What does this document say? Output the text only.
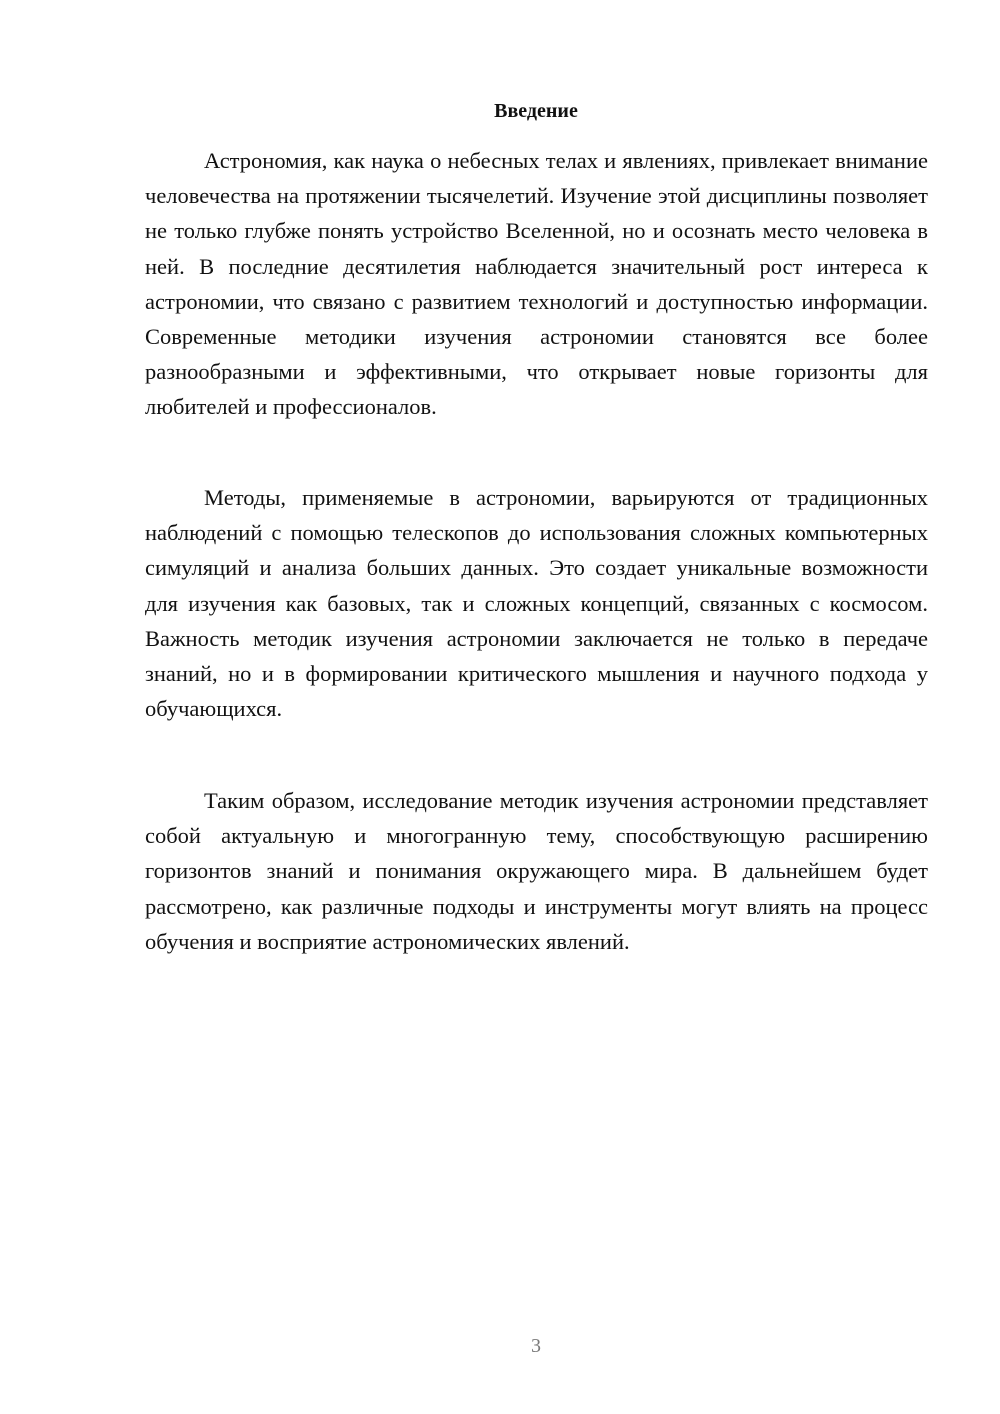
Введение

Астрономия, как наука о небесных телах и явлениях, привлекает внимание человечества на протяжении тысячелетий. Изучение этой дисциплины позволяет не только глубже понять устройство Вселенной, но и осознать место человека в ней. В последние десятилетия наблюдается значительный рост интереса к астрономии, что связано с развитием технологий и доступностью информации. Современные методики изучения астрономии становятся все более разнообразными и эффективными, что открывает новые горизонты для любителей и профессионалов.

Методы, применяемые в астрономии, варьируются от традиционных наблюдений с помощью телескопов до использования сложных компьютерных симуляций и анализа больших данных. Это создает уникальные возможности для изучения как базовых, так и сложных концепций, связанных с космосом. Важность методик изучения астрономии заключается не только в передаче знаний, но и в формировании критического мышления и научного подхода у обучающихся.

Таким образом, исследование методик изучения астрономии представляет собой актуальную и многогранную тему, способствующую расширению горизонтов знаний и понимания окружающего мира. В дальнейшем будет рассмотрено, как различные подходы и инструменты могут влиять на процесс обучения и восприятие астрономических явлений.

3
